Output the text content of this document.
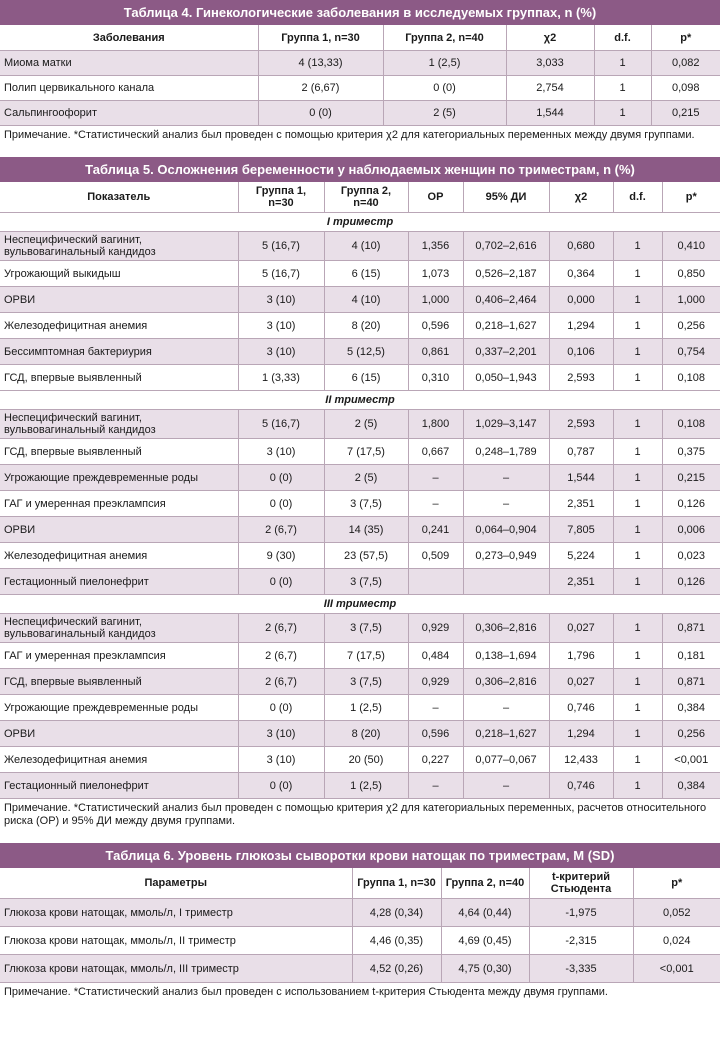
Таблица 4. Гинекологические заболевания в исследуемых группах, n (%)
Заболевания	Группа 1, n=30	Группа 2, n=40	χ2	d.f.	p*
Миома матки	4 (13,33)	1 (2,5)	3,033	1	0,082
Полип цервикального канала	2 (6,67)	0 (0)	2,754	1	0,098
Сальпингоофорит	0 (0)	2 (5)	1,544	1	0,215
Примечание. *Статистический анализ был проведен с помощью критерия χ2 для категориальных переменных между двумя группами.
Таблица 5. Осложнения беременности у наблюдаемых женщин по триместрам, n (%)
Показатель	Группа 1, n=30	Группа 2, n=40	ОР	95% ДИ	χ2	d.f.	p*
I триместр							
Неспецифический вагинит, вульвовагинальный кандидоз	5 (16,7)	4 (10)	1,356	0,702–2,616	0,680	1	0,410
Угрожающий выкидыш	5 (16,7)	6 (15)	1,073	0,526–2,187	0,364	1	0,850
ОРВИ	3 (10)	4 (10)	1,000	0,406–2,464	0,000	1	1,000
Железодефицитная анемия	3 (10)	8 (20)	0,596	0,218–1,627	1,294	1	0,256
Бессимптомная бактериурия	3 (10)	5 (12,5)	0,861	0,337–2,201	0,106	1	0,754
ГСД, впервые выявленный	1 (3,33)	6 (15)	0,310	0,050–1,943	2,593	1	0,108
II триместр							
Неспецифический вагинит, вульвовагинальный кандидоз	5 (16,7)	2 (5)	1,800	1,029–3,147	2,593	1	0,108
ГСД, впервые выявленный	3 (10)	7 (17,5)	0,667	0,248–1,789	0,787	1	0,375
Угрожающие преждевременные роды	0 (0)	2 (5)	–	–	1,544	1	0,215
ГАГ и умеренная преэклампсия	0 (0)	3 (7,5)	–	–	2,351	1	0,126
ОРВИ	2 (6,7)	14 (35)	0,241	0,064–0,904	7,805	1	0,006
Железодефицитная анемия	9 (30)	23 (57,5)	0,509	0,273–0,949	5,224	1	0,023
Гестационный пиелонефрит	0 (0)	3 (7,5)			2,351	1	0,126
III триместр							
Неспецифический вагинит, вульвовагинальный кандидоз	2 (6,7)	3 (7,5)	0,929	0,306–2,816	0,027	1	0,871
ГАГ и умеренная преэклампсия	2 (6,7)	7 (17,5)	0,484	0,138–1,694	1,796	1	0,181
ГСД, впервые выявленный	2 (6,7)	3 (7,5)	0,929	0,306–2,816	0,027	1	0,871
Угрожающие преждевременные роды	0 (0)	1 (2,5)	–	–	0,746	1	0,384
ОРВИ	3 (10)	8 (20)	0,596	0,218–1,627	1,294	1	0,256
Железодефицитная анемия	3 (10)	20 (50)	0,227	0,077–0,067	12,433	1	<0,001
Гестационный пиелонефрит	0 (0)	1 (2,5)	–	–	0,746	1	0,384
Примечание. *Статистический анализ был проведен с помощью критерия χ2 для категориальных переменных, расчетов относительного риска (ОР) и 95% ДИ между двумя группами.
Таблица 6. Уровень глюкозы сыворотки крови натощак по триместрам, M (SD)
Параметры	Группа 1, n=30	Группа 2, n=40	t-критерий Стьюдента	p*
Глюкоза крови натощак, ммоль/л, I триместр	4,28 (0,34)	4,64 (0,44)	-1,975	0,052
Глюкоза крови натощак, ммоль/л, II триместр	4,46 (0,35)	4,69 (0,45)	-2,315	0,024
Глюкоза крови натощак, ммоль/л, III триместр	4,52 (0,26)	4,75 (0,30)	-3,335	<0,001
Примечание. *Статистический анализ был проведен с использованием t-критерия Стьюдента между двумя группами.
